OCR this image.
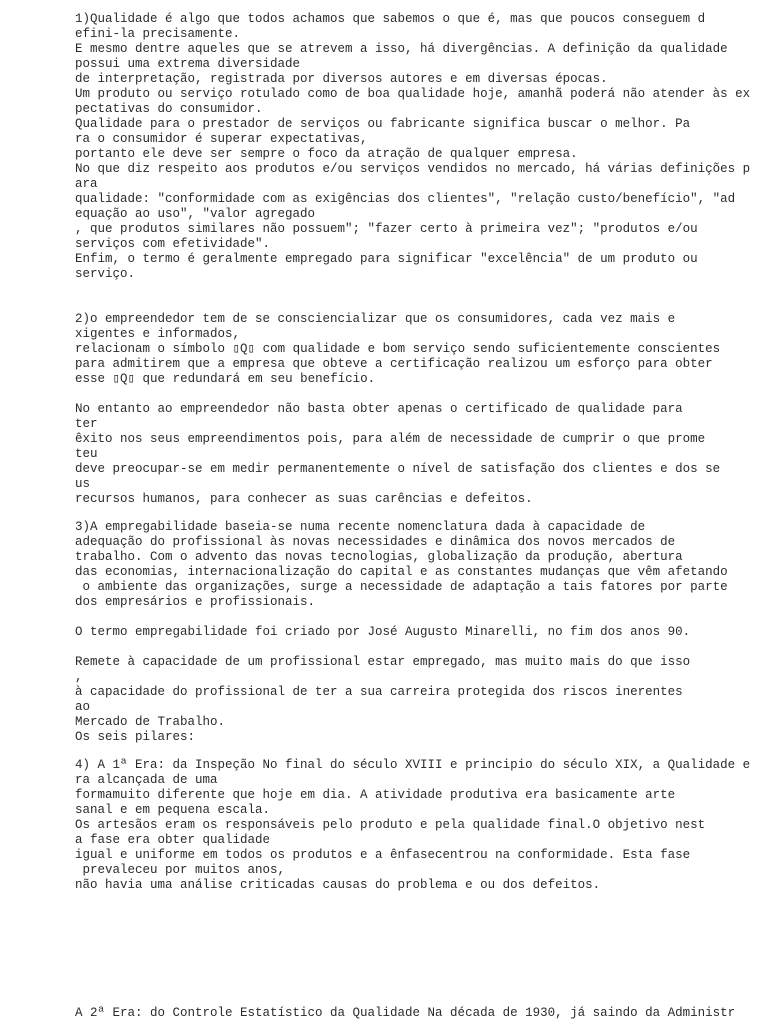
1)Qualidade é algo que todos achamos que sabemos o que é, mas que poucos conseguem d

efini-la precisamente.

E mesmo dentre aqueles que se atrevem a isso, há divergências. A definição da qualidade

possui uma extrema diversidade

de interpretação, registrada por diversos autores e em diversas épocas.

Um produto ou serviço rotulado como de boa qualidade hoje, amanhã poderá não atender às ex

pectativas do consumidor.

Qualidade para o prestador de serviços ou fabricante significa buscar o melhor. Pa

ra o consumidor é superar expectativas,

portanto ele deve ser sempre o foco da atração de qualquer empresa.

No que diz respeito aos produtos e/ou serviços vendidos no mercado, há várias definições p

ara

qualidade: "conformidade com as exigências dos clientes", "relação custo/benefício", "ad

equação ao uso", "valor agregado

, que produtos similares não possuem"; "fazer certo à primeira vez"; "produtos e/ou

serviços com efetividade".

Enfim, o termo é geralmente empregado para significar "excelência" de um produto ou

serviço.

2)o empreendedor tem de se consciencializar que os consumidores, cada vez mais e

xigentes e informados,

relacionam o símbolo ▯Q▯ com qualidade e bom serviço sendo suficientemente conscientes

para admitirem que a empresa que obteve a certificação realizou um esforço para obter

esse ▯Q▯ que redundará em seu benefício.

No entanto ao empreendedor não basta obter apenas o certificado de qualidade para

ter

êxito nos seus empreendimentos pois, para além de necessidade de cumprir o que prome

teu

deve preocupar-se em medir permanentemente o nível de satisfação dos clientes e dos se

us

recursos humanos, para conhecer as suas carências e defeitos.

3)A empregabilidade baseia-se numa recente nomenclatura dada à capacidade de

adequação do profissional às novas necessidades e dinâmica dos novos mercados de

trabalho. Com o advento das novas tecnologias, globalização da produção, abertura

das economias, internacionalização do capital e as constantes mudanças que vêm afetando

o ambiente das organizações, surge a necessidade de adaptação a tais fatores por parte

dos empresários e profissionais.

O termo empregabilidade foi criado por José Augusto Minarelli, no fim dos anos 90.

Remete à capacidade de um profissional estar empregado, mas muito mais do que isso

,

à capacidade do profissional de ter a sua carreira protegida dos riscos inerentes

ao

Mercado de Trabalho.

Os seis pilares:

4) A 1ª Era: da Inspeção No final do século XVIII e principio do século XIX, a Qualidade e

ra alcançada de uma

formamuito diferente que hoje em dia. A atividade produtiva era basicamente arte

sanal e em pequena escala.

Os artesãos eram os responsáveis pelo produto e pela qualidade final.O objetivo nest

a fase era obter qualidade

igual e uniforme em todos os produtos e a ênfasecentrou na conformidade. Esta fase

prevaleceu por muitos anos,

não havia uma análise criticadas causas do problema e ou dos defeitos.

A 2ª Era: do Controle Estatístico da Qualidade Na década de 1930, já saindo da Administr
